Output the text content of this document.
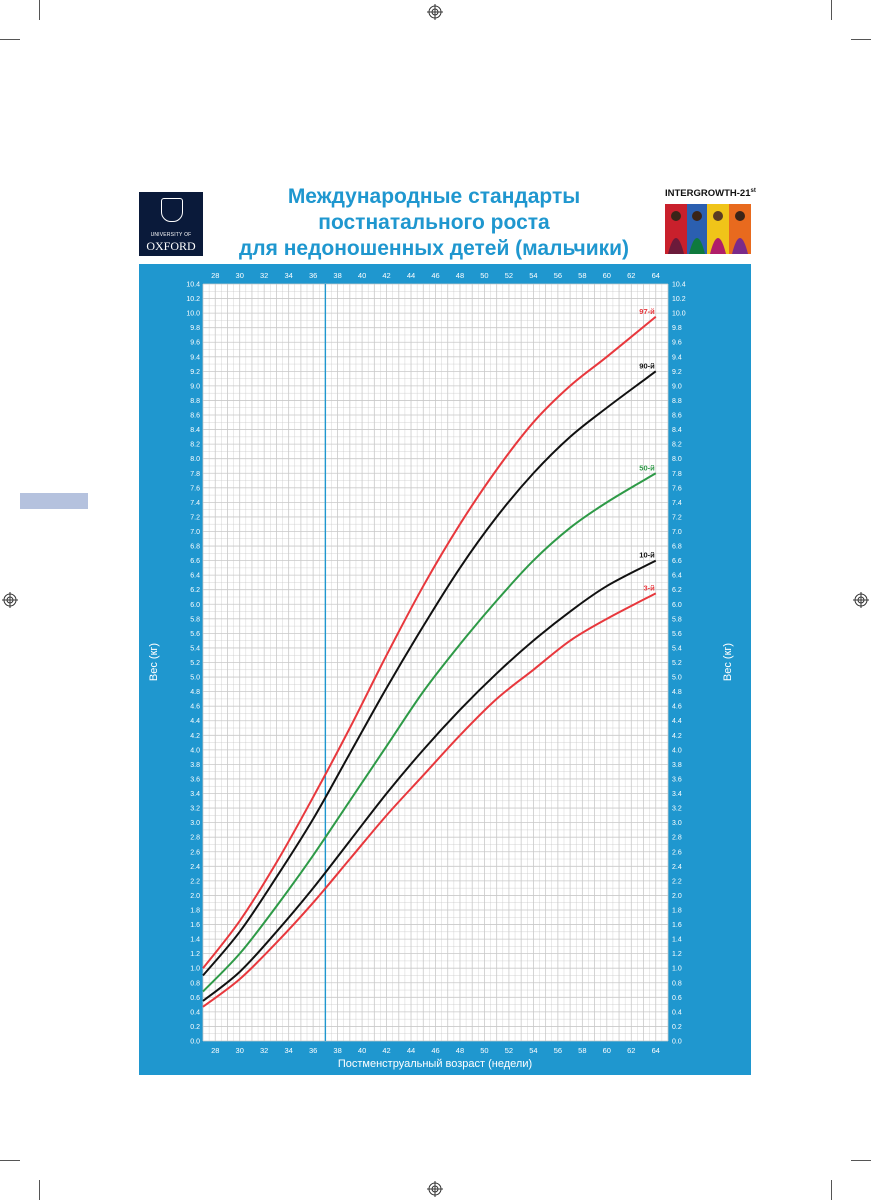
UNIVERSITY OF
OXFORD
Международные стандарты
постнатального роста
для недоношенных детей (мальчики)
INTERGROWTH-21st
97-й
90-й
50-й
10-й
3-й
28 30 32 34 36 38 40 42 44 46 48 50 52 54 56 58 60 62 64
28 30 32 34 36 38 40 42 44 46 48 50 52 54 56 58 60 62 64
0.0
0.2
0.4
0.6
0.8
1.0
1.2
1.4
1.6
1.8
2.0
2.2
2.4
2.6
2.8
3.0
3.2
3.4
3.6
3.8
4.0
4.2
4.4
4.6
4.8
5.0
5.2
5.4
5.6
5.8
6.0
6.2
6.4
6.6
6.8
7.0
7.2
7.4
7.6
7.8
8.0
8.2
8.4
8.6
8.8
9.0
9.2
9.4
9.6
9.8
10.0
10.2
10.4
0.0
0.2
0.4
0.6
0.8
1.0
1.2
1.4
1.6
1.8
2.0
2.2
2.4
2.6
2.8
3.0
3.2
3.4
3.6
3.8
4.0
4.2
4.4
4.6
4.8
5.0
5.2
5.4
5.6
5.8
6.0
6.2
6.4
6.6
6.8
7.0
7.2
7.4
7.6
7.8
8.0
8.2
8.4
8.6
8.8
9.0
9.2
9.4
9.6
9.8
10.0
10.2
10.4
Постменструальный возраст (недели)
Вес (кг)	Вес (кг)
